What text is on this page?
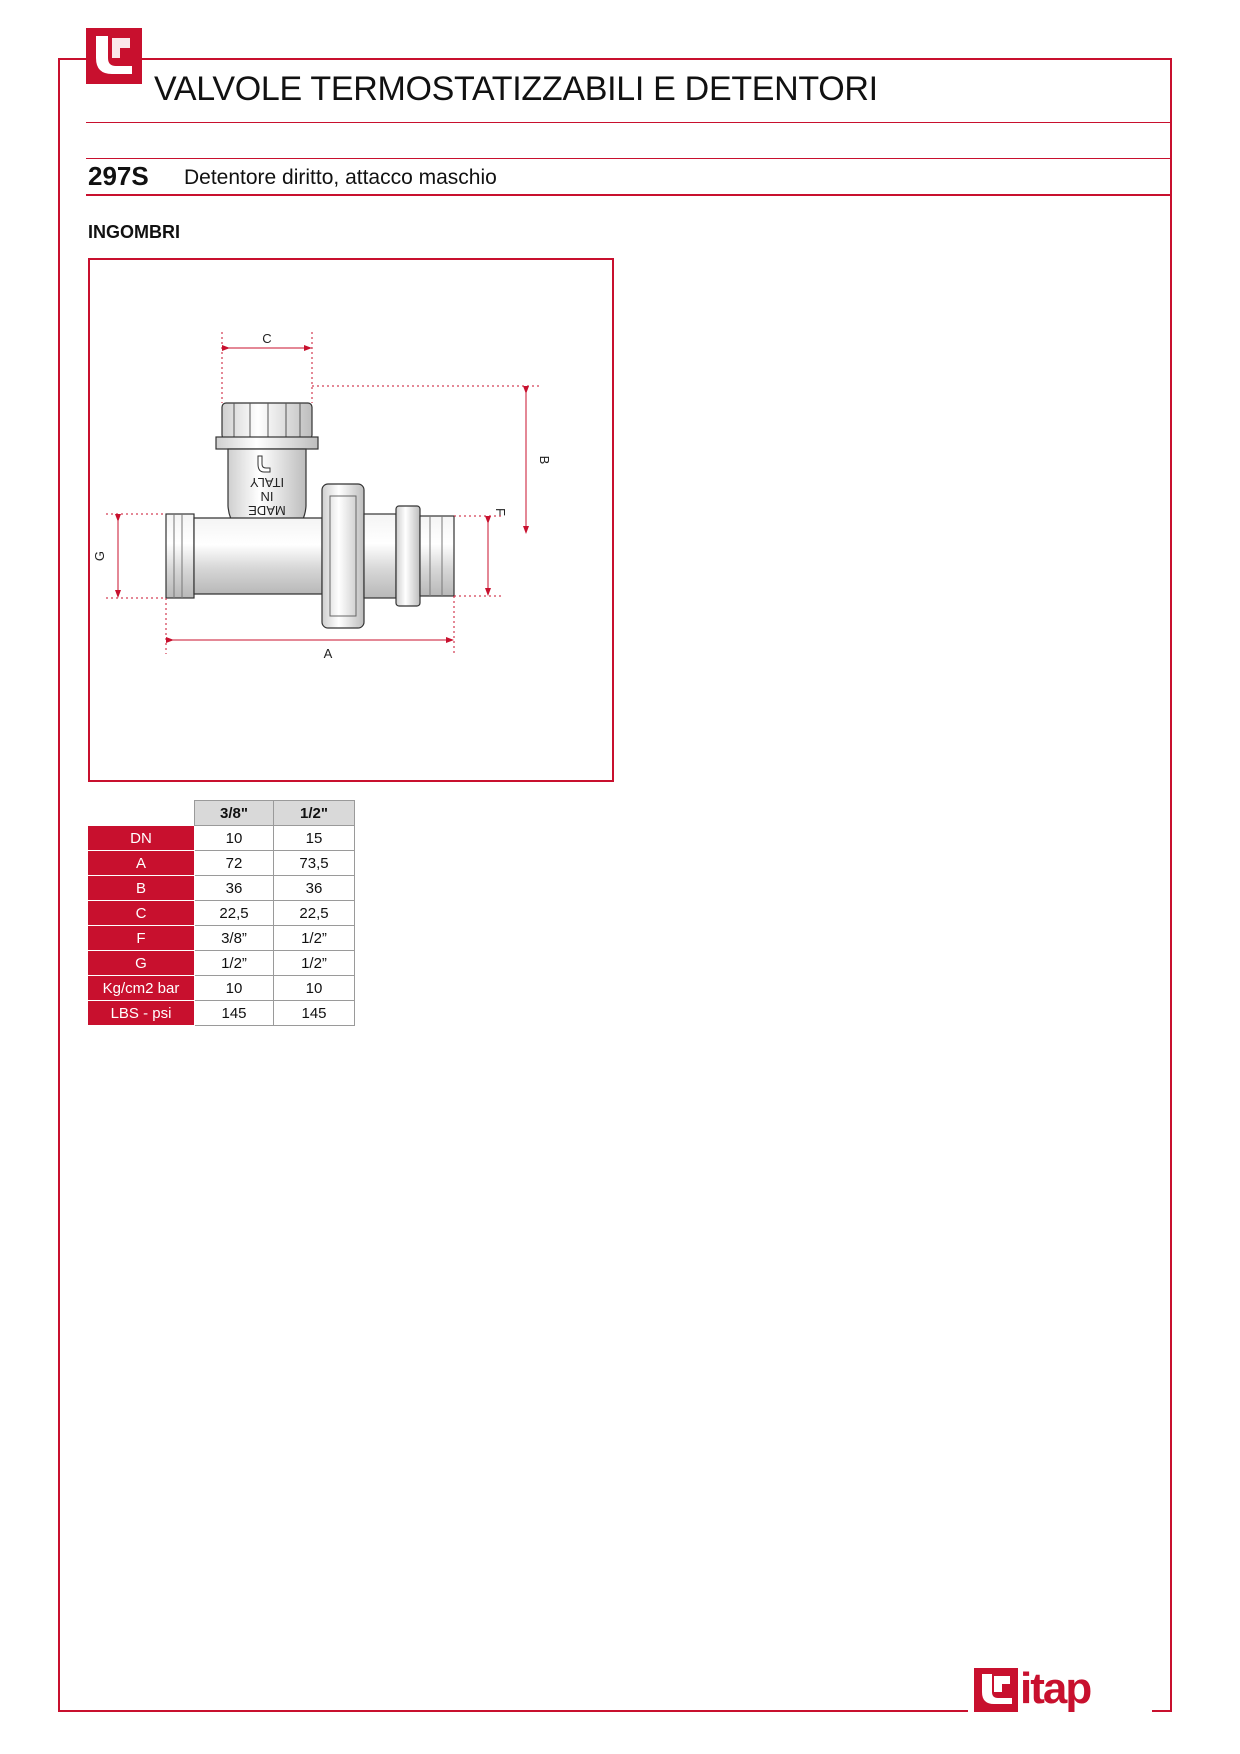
VALVOLE TERMOSTATIZZABILI E DETENTORI
297S Detentore diritto, attacco maschio
INGOMBRI
ITALY
IN
MADE
C
B
F
G
A
	3/8"	1/2"
DN	10	15
A	72	73,5
B	36	36
C	22,5	22,5
F	3/8”	1/2”
G	1/2”	1/2”
Kg/cm2 bar	10	10
LBS - psi	145	145
itap
